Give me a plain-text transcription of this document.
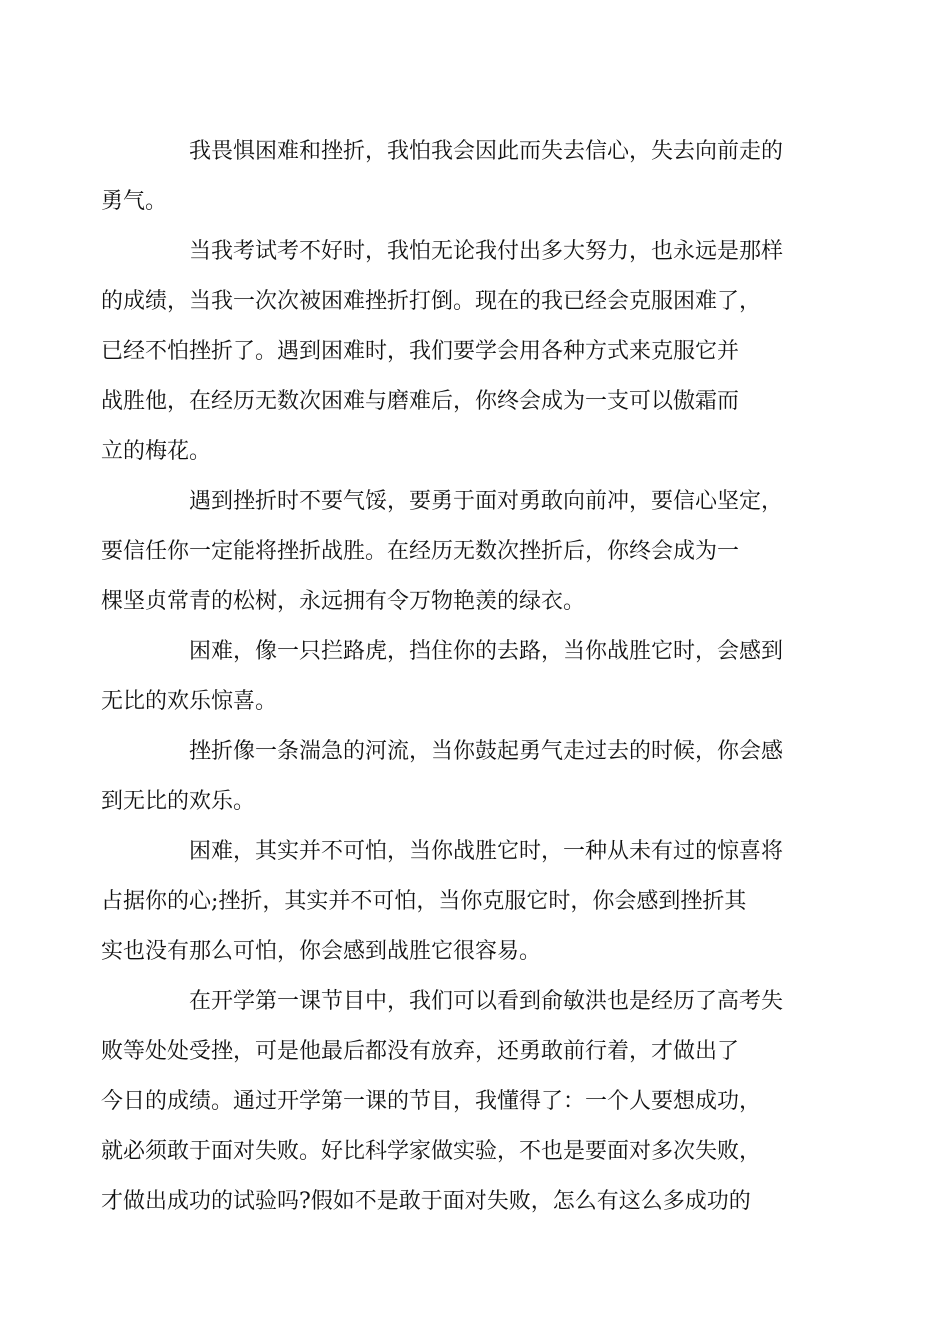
我畏惧困难和挫折，我怕我会因此而失去信心，失去向前走的
勇气。

当我考试考不好时，我怕无论我付出多大努力，也永远是那样
的成绩，当我一次次被困难挫折打倒。现在的我已经会克服困难了，
已经不怕挫折了。遇到困难时，我们要学会用各种方式来克服它并
战胜他，在经历无数次困难与磨难后，你终会成为一支可以傲霜而
立的梅花。

遇到挫折时不要气馁，要勇于面对勇敢向前冲，要信心坚定，
要信任你一定能将挫折战胜。在经历无数次挫折后，你终会成为一
棵坚贞常青的松树，永远拥有令万物艳羡的绿衣。

困难，像一只拦路虎，挡住你的去路，当你战胜它时，会感到
无比的欢乐惊喜。

挫折像一条湍急的河流，当你鼓起勇气走过去的时候，你会感
到无比的欢乐。

困难，其实并不可怕，当你战胜它时，一种从未有过的惊喜将
占据你的心;挫折，其实并不可怕，当你克服它时，你会感到挫折其
实也没有那么可怕，你会感到战胜它很容易。

在开学第一课节目中，我们可以看到俞敏洪也是经历了高考失
败等处处受挫，可是他最后都没有放弃，还勇敢前行着，才做出了
今日的成绩。通过开学第一课的节目，我懂得了：一个人要想成功，
就必须敢于面对失败。好比科学家做实验，不也是要面对多次失败，
才做出成功的试验吗?假如不是敢于面对失败，怎么有这么多成功的
